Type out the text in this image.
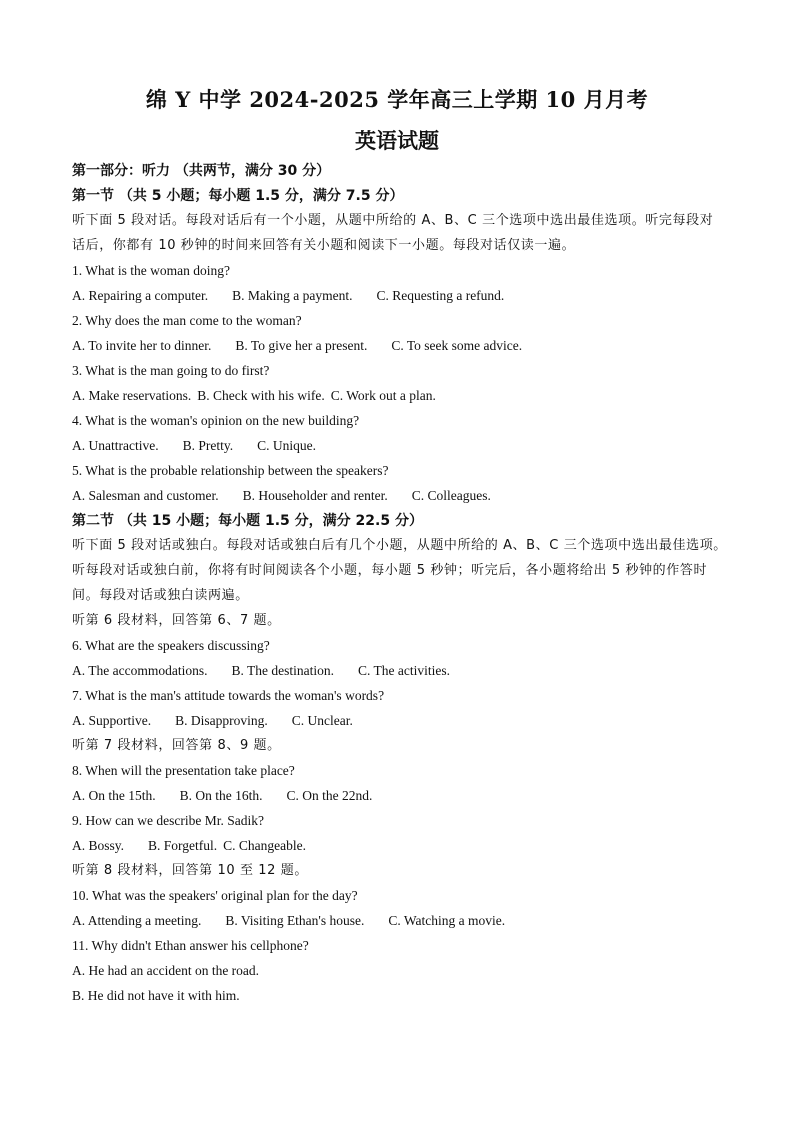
绵 Y 中学 2024-2025 学年高三上学期 10 月月考
英语试题
第一部分：听力 （共两节，满分 30 分）
第一节 （共 5 小题；每小题 1.5 分，满分 7.5 分）
听下面 5 段对话。每段对话后有一个小题，从题中所给的 A、B、C 三个选项中选出最佳选项。听完每段对
话后，你都有 10 秒钟的时间来回答有关小题和阅读下一小题。每段对话仅读一遍。
1. What is the woman doing?
A. Repairing a computer. B. Making a payment. C. Requesting a refund.
2. Why does the man come to the woman?
A. To invite her to dinner. B. To give her a present. C. To seek some advice.
3. What is the man going to do first?
A. Make reservations. B. Check with his wife. C. Work out a plan.
4. What is the woman's opinion on the new building?
A. Unattractive. B. Pretty. C. Unique.
5. What is the probable relationship between the speakers?
A. Salesman and customer. B. Householder and renter. C. Colleagues.
第二节 （共 15 小题；每小题 1.5 分，满分 22.5 分）
听下面 5 段对话或独白。每段对话或独白后有几个小题，从题中所给的 A、B、C 三个选项中选出最佳选项。
听每段对话或独白前，你将有时间阅读各个小题，每小题 5 秒钟；听完后，各小题将给出 5 秒钟的作答时
间。每段对话或独白读两遍。
听第 6 段材料，回答第 6、7 题。
6. What are the speakers discussing?
A. The accommodations. B. The destination. C. The activities.
7. What is the man's attitude towards the woman's words?
A. Supportive. B. Disapproving. C. Unclear.
听第 7 段材料，回答第 8、9 题。
8. When will the presentation take place?
A. On the 15th. B. On the 16th. C. On the 22nd.
9. How can we describe Mr. Sadik?
A. Bossy. B. Forgetful. C. Changeable.
听第 8 段材料，回答第 10 至 12 题。
10. What was the speakers' original plan for the day?
A. Attending a meeting. B. Visiting Ethan's house. C. Watching a movie.
11. Why didn't Ethan answer his cellphone?
A. He had an accident on the road.
B. He did not have it with him.
